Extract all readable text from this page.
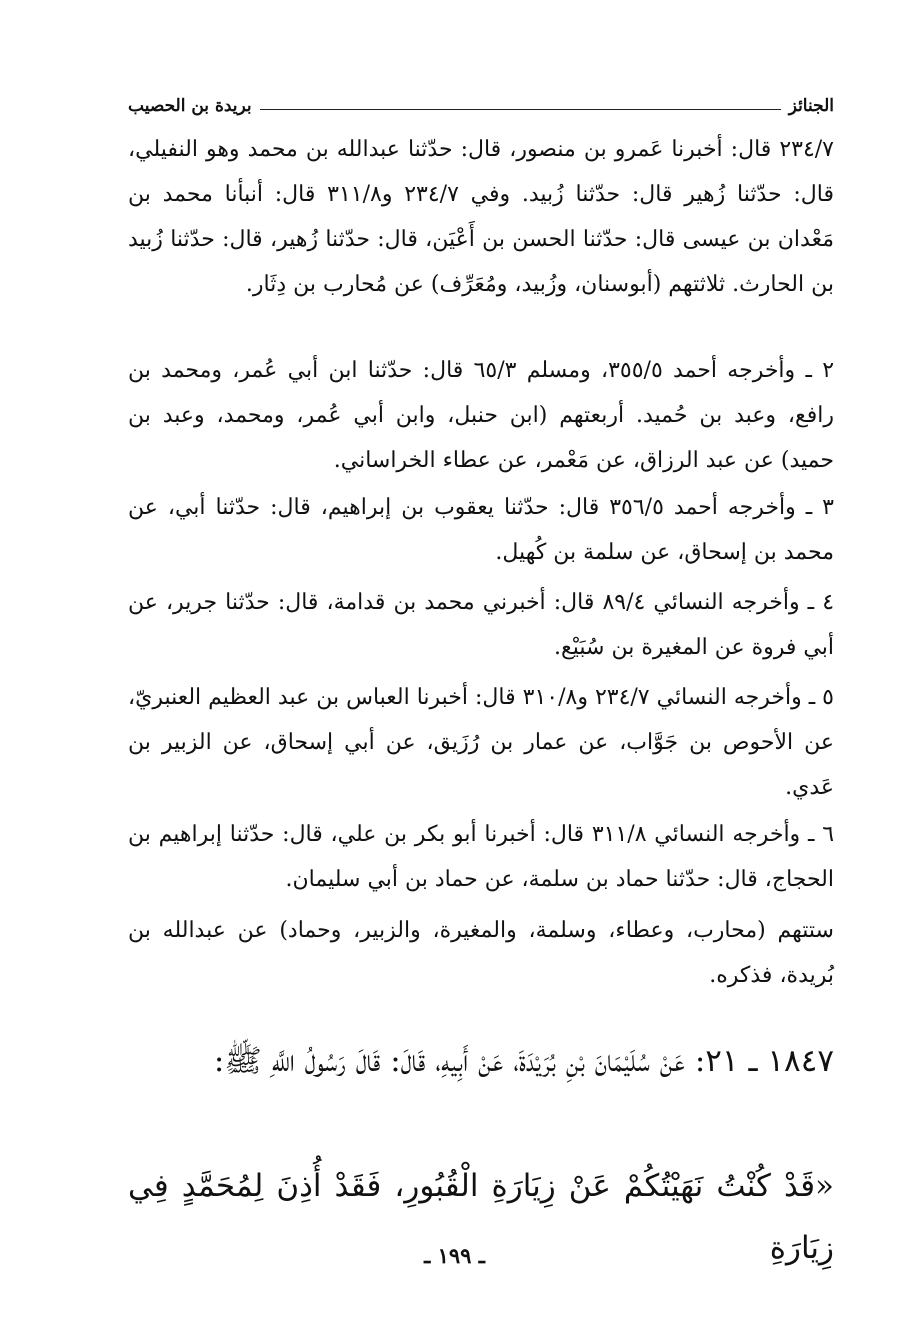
الجنائز
بريدة بن الحصيب

٢٣٤/٧ قال: أخبرنا عَمرو بن منصور، قال: حدّثنا عبدالله بن محمد وهو النفيلي، قال: حدّثنا زُهير قال: حدّثنا زُبيد. وفي ٢٣٤/٧ و٣١١/٨ قال: أنبأنا محمد بن مَعْدان بن عيسى قال: حدّثنا الحسن بن أَعْيَن، قال: حدّثنا زُهير، قال: حدّثنا زُبيد بن الحارث. ثلاثتهم (أبوسنان، وزُبيد، ومُعَرِّف) عن مُحارب بن دِثَار.

٢ ـ وأخرجه أحمد ٣٥٥/٥، ومسلم ٦٥/٣ قال: حدّثنا ابن أبي عُمر، ومحمد بن رافع، وعبد بن حُميد. أربعتهم (ابن حنبل، وابن أبي عُمر، ومحمد، وعبد بن حميد) عن عبد الرزاق، عن مَعْمر، عن عطاء الخراساني.

٣ ـ وأخرجه أحمد ٣٥٦/٥ قال: حدّثنا يعقوب بن إبراهيم، قال: حدّثنا أبي، عن محمد بن إسحاق، عن سلمة بن كُهيل.

٤ ـ وأخرجه النسائي ٨٩/٤ قال: أخبرني محمد بن قدامة، قال: حدّثنا جرير، عن أبي فروة عن المغيرة بن سُبَيْع.

٥ ـ وأخرجه النسائي ٢٣٤/٧ و٣١٠/٨ قال: أخبرنا العباس بن عبد العظيم العنبريّ، عن الأحوص بن جَوَّاب، عن عمار بن رُزَيق، عن أبي إسحاق، عن الزبير بن عَدي.

٦ ـ وأخرجه النسائي ٣١١/٨ قال: أخبرنا أبو بكر بن علي، قال: حدّثنا إبراهيم بن الحجاج، قال: حدّثنا حماد بن سلمة، عن حماد بن أبي سليمان.

ستتهم (محارب، وعطاء، وسلمة، والمغيرة، والزبير، وحماد) عن عبدالله بن بُريدة، فذكره.

١٨٤٧ ـ ٢١: عَنْ سُلَيْمَانَ بْنِ بُرَيْدَةَ، عَنْ أَبِيهِ، قَالَ: قَالَ رَسُولُ اللَّهِ ﷺ:

«قَدْ كُنْتُ نَهَيْتُكُمْ عَنْ زِيَارَةِ الْقُبُورِ، فَقَدْ أُذِنَ لِمُحَمَّدٍ فِي زِيَارَةِ

ـ ١٩٩ ـ
